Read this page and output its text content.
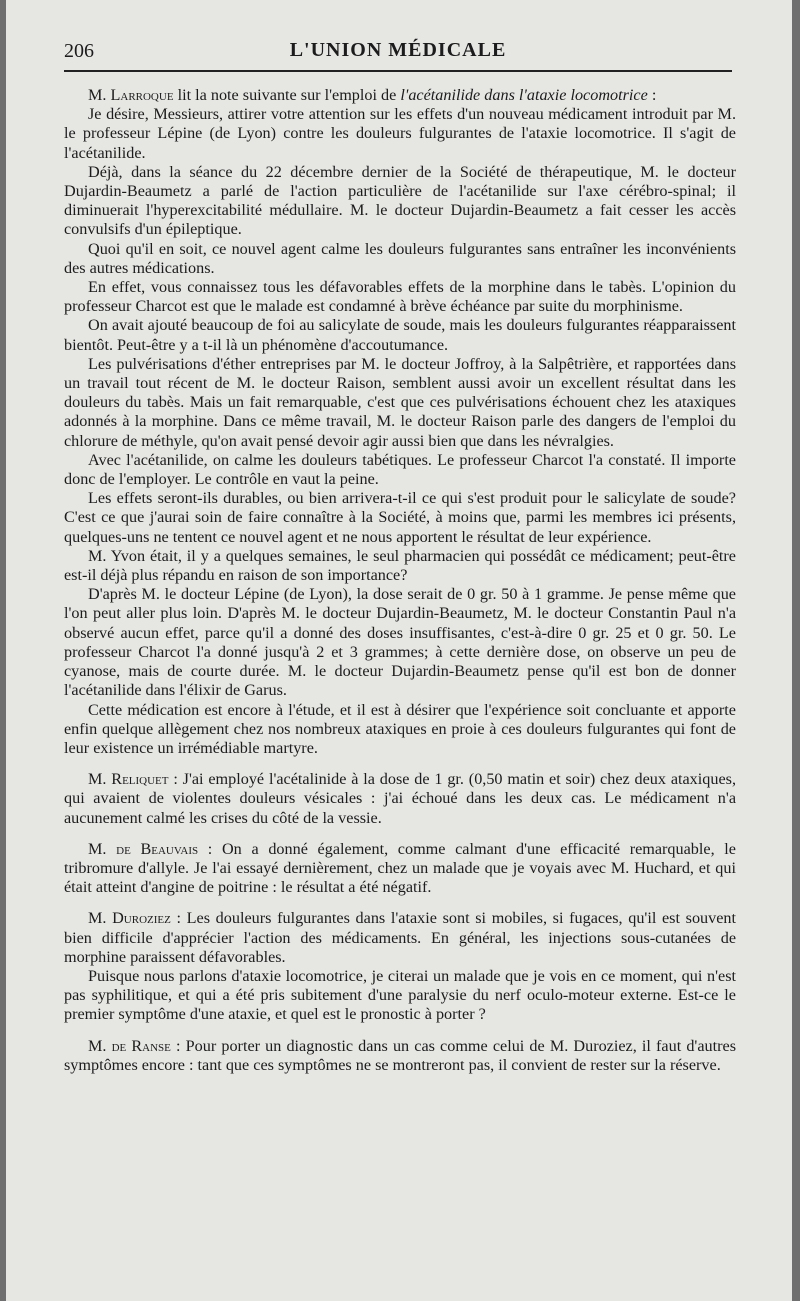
206	L'UNION MÉDICALE

M. Larroque lit la note suivante sur l'emploi de l'acétanilide dans l'ataxie locomotrice :

Je désire, Messieurs, attirer votre attention sur les effets d'un nouveau médicament introduit par M. le professeur Lépine (de Lyon) contre les douleurs fulgurantes de l'ataxie locomotrice. Il s'agit de l'acétanilide.

Déjà, dans la séance du 22 décembre dernier de la Société de thérapeutique, M. le docteur Dujardin-Beaumetz a parlé de l'action particulière de l'acétanilide sur l'axe cérébro-spinal; il diminuerait l'hyperexcitabilité médullaire. M. le docteur Dujardin-Beaumetz a fait cesser les accès convulsifs d'un épileptique.

Quoi qu'il en soit, ce nouvel agent calme les douleurs fulgurantes sans entraîner les inconvénients des autres médications.

En effet, vous connaissez tous les défavorables effets de la morphine dans le tabès. L'opinion du professeur Charcot est que le malade est condamné à brève échéance par suite du morphinisme.

On avait ajouté beaucoup de foi au salicylate de soude, mais les douleurs fulgurantes réapparaissent bientôt. Peut-être y a t-il là un phénomène d'accoutumance.

Les pulvérisations d'éther entreprises par M. le docteur Joffroy, à la Salpêtrière, et rapportées dans un travail tout récent de M. le docteur Raison, semblent aussi avoir un excellent résultat dans les douleurs du tabès. Mais un fait remarquable, c'est que ces pulvérisations échouent chez les ataxiques adonnés à la morphine. Dans ce même travail, M. le docteur Raison parle des dangers de l'emploi du chlorure de méthyle, qu'on avait pensé devoir agir aussi bien que dans les névralgies.

Avec l'acétanilide, on calme les douleurs tabétiques. Le professeur Charcot l'a constaté. Il importe donc de l'employer. Le contrôle en vaut la peine.

Les effets seront-ils durables, ou bien arrivera-t-il ce qui s'est produit pour le salicylate de soude? C'est ce que j'aurai soin de faire connaître à la Société, à moins que, parmi les membres ici présents, quelques-uns ne tentent ce nouvel agent et ne nous apportent le résultat de leur expérience.

M. Yvon était, il y a quelques semaines, le seul pharmacien qui possédât ce médicament; peut-être est-il déjà plus répandu en raison de son importance?

D'après M. le docteur Lépine (de Lyon), la dose serait de 0 gr. 50 à 1 gramme. Je pense même que l'on peut aller plus loin. D'après M. le docteur Dujardin-Beaumetz, M. le docteur Constantin Paul n'a observé aucun effet, parce qu'il a donné des doses insuffisantes, c'est-à-dire 0 gr. 25 et 0 gr. 50. Le professeur Charcot l'a donné jusqu'à 2 et 3 grammes; à cette dernière dose, on observe un peu de cyanose, mais de courte durée. M. le docteur Dujardin-Beaumetz pense qu'il est bon de donner l'acétanilide dans l'élixir de Garus.

Cette médication est encore à l'étude, et il est à désirer que l'expérience soit concluante et apporte enfin quelque allègement chez nos nombreux ataxiques en proie à ces douleurs fulgurantes qui font de leur existence un irrémédiable martyre.

M. Reliquet : J'ai employé l'acétalinide à la dose de 1 gr. (0,50 matin et soir) chez deux ataxiques, qui avaient de violentes douleurs vésicales : j'ai échoué dans les deux cas. Le médicament n'a aucunement calmé les crises du côté de la vessie.

M. de Beauvais : On a donné également, comme calmant d'une efficacité remarquable, le tribromure d'allyle. Je l'ai essayé dernièrement, chez un malade que je voyais avec M. Huchard, et qui était atteint d'angine de poitrine : le résultat a été négatif.

M. Duroziez : Les douleurs fulgurantes dans l'ataxie sont si mobiles, si fugaces, qu'il est souvent bien difficile d'apprécier l'action des médicaments. En général, les injections sous-cutanées de morphine paraissent défavorables.

Puisque nous parlons d'ataxie locomotrice, je citerai un malade que je vois en ce moment, qui n'est pas syphilitique, et qui a été pris subitement d'une paralysie du nerf oculo-moteur externe. Est-ce le premier symptôme d'une ataxie, et quel est le pronostic à porter ?

M. de Ranse : Pour porter un diagnostic dans un cas comme celui de M. Duroziez, il faut d'autres symptômes encore : tant que ces symptômes ne se montreront pas, il convient de rester sur la réserve.
